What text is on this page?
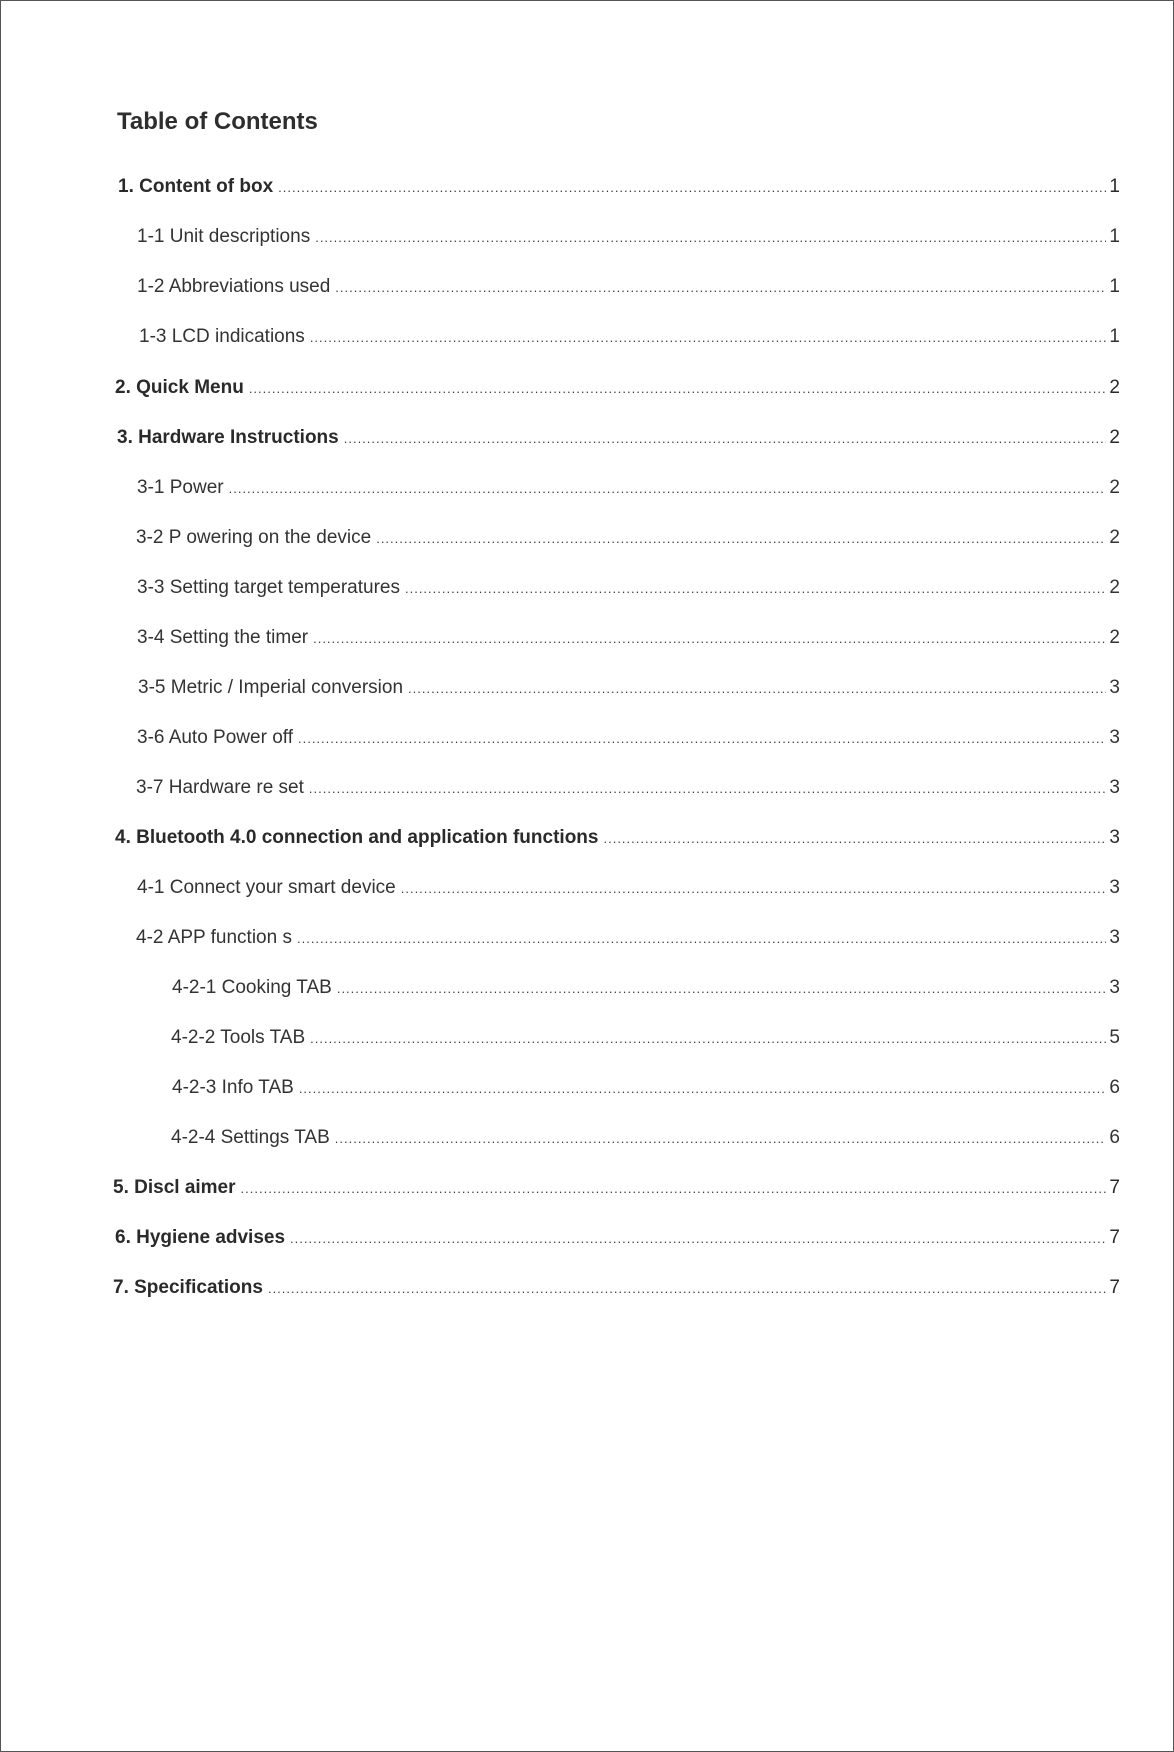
Table of Contents
1. Content of box .....	1
1-1 Unit descriptions .....	1
1-2 Abbreviations used .....	1
1-3 LCD indications .....	1
2. Quick Menu .....	2
3. Hardware Instructions .....	2
3-1 Power .....	2
3-2 P owering on the device .....	2
3-3 Setting target temperatures .....	2
3-4 Setting the timer .....	2
3-5 Metric / Imperial conversion .....	3
3-6 Auto Power off .....	3
3-7 Hardware re set .....	3
4. Bluetooth 4.0 connection and application functions .....	3
4-1 Connect your smart device .....	3
4-2 APP function s .....	3
4-2-1 Cooking TAB .....	3
4-2-2 Tools TAB .....	5
4-2-3 Info TAB .....	6
4-2-4 Settings TAB .....	6
5. Discl aimer .....	7
6. Hygiene advises .....	7
7. Specifications .....	7
